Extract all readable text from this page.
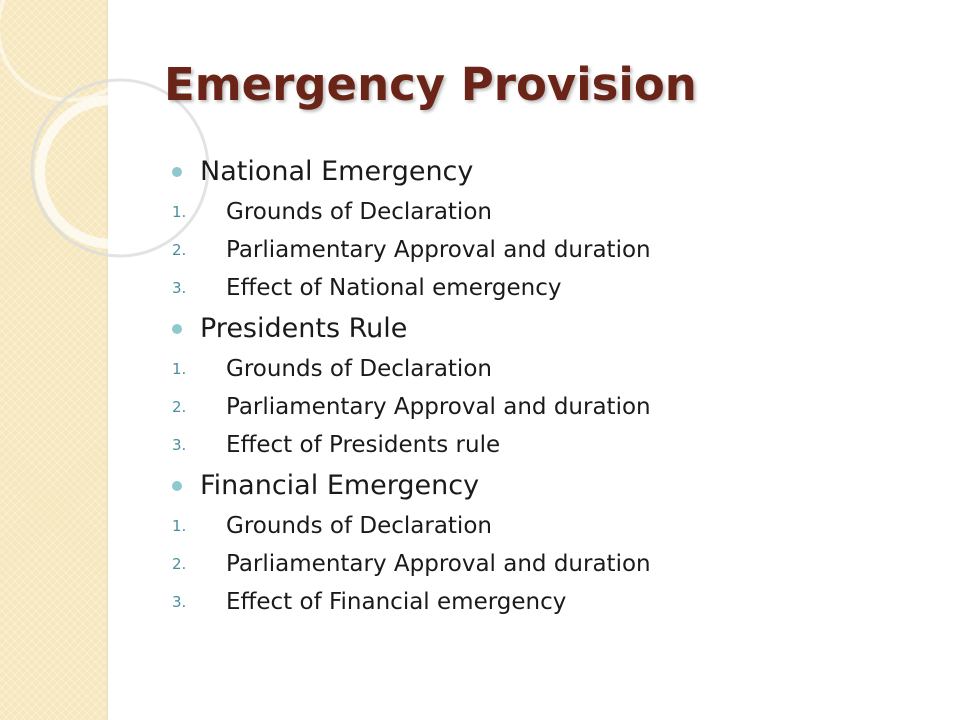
Emergency Provision
National Emergency
1.	Grounds of Declaration
2.	Parliamentary Approval and duration
3.	Effect of National emergency
Presidents Rule
1.	Grounds of Declaration
2.	Parliamentary Approval and duration
3.	Effect of Presidents rule
Financial Emergency
1.	Grounds of Declaration
2.	Parliamentary Approval and duration
3.	Effect of Financial emergency
